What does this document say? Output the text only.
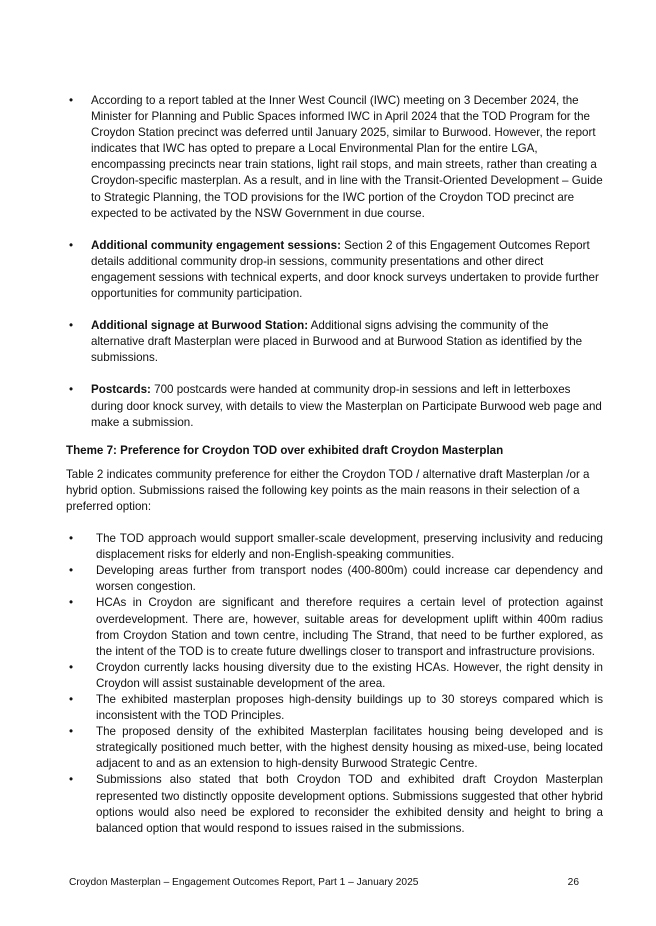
• According to a report tabled at the Inner West Council (IWC) meeting on 3 December 2024, the Minister for Planning and Public Spaces informed IWC in April 2024 that the TOD Program for the Croydon Station precinct was deferred until January 2025, similar to Burwood. However, the report indicates that IWC has opted to prepare a Local Environmental Plan for the entire LGA, encompassing precincts near train stations, light rail stops, and main streets, rather than creating a Croydon-specific masterplan. As a result, and in line with the Transit-Oriented Development – Guide to Strategic Planning, the TOD provisions for the IWC portion of the Croydon TOD precinct are expected to be activated by the NSW Government in due course.
• Additional community engagement sessions: Section 2 of this Engagement Outcomes Report details additional community drop-in sessions, community presentations and other direct engagement sessions with technical experts, and door knock surveys undertaken to provide further opportunities for community participation.
• Additional signage at Burwood Station: Additional signs advising the community of the alternative draft Masterplan were placed in Burwood and at Burwood Station as identified by the submissions.
• Postcards: 700 postcards were handed at community drop-in sessions and left in letterboxes during door knock survey, with details to view the Masterplan on Participate Burwood web page and make a submission.
Theme 7: Preference for Croydon TOD over exhibited draft Croydon Masterplan
Table 2 indicates community preference for either the Croydon TOD / alternative draft Masterplan /or a hybrid option. Submissions raised the following key points as the main reasons in their selection of a preferred option:
• The TOD approach would support smaller-scale development, preserving inclusivity and reducing displacement risks for elderly and non-English-speaking communities.
• Developing areas further from transport nodes (400-800m) could increase car dependency and worsen congestion.
• HCAs in Croydon are significant and therefore requires a certain level of protection against overdevelopment. There are, however, suitable areas for development uplift within 400m radius from Croydon Station and town centre, including The Strand, that need to be further explored, as the intent of the TOD is to create future dwellings closer to transport and infrastructure provisions.
• Croydon currently lacks housing diversity due to the existing HCAs. However, the right density in Croydon will assist sustainable development of the area.
• The exhibited masterplan proposes high-density buildings up to 30 storeys compared which is inconsistent with the TOD Principles.
• The proposed density of the exhibited Masterplan facilitates housing being developed and is strategically positioned much better, with the highest density housing as mixed-use, being located adjacent to and as an extension to high-density Burwood Strategic Centre.
• Submissions also stated that both Croydon TOD and exhibited draft Croydon Masterplan represented two distinctly opposite development options. Submissions suggested that other hybrid options would also need be explored to reconsider the exhibited density and height to bring a balanced option that would respond to issues raised in the submissions.
Croydon Masterplan – Engagement Outcomes Report, Part 1 – January 2025	26
